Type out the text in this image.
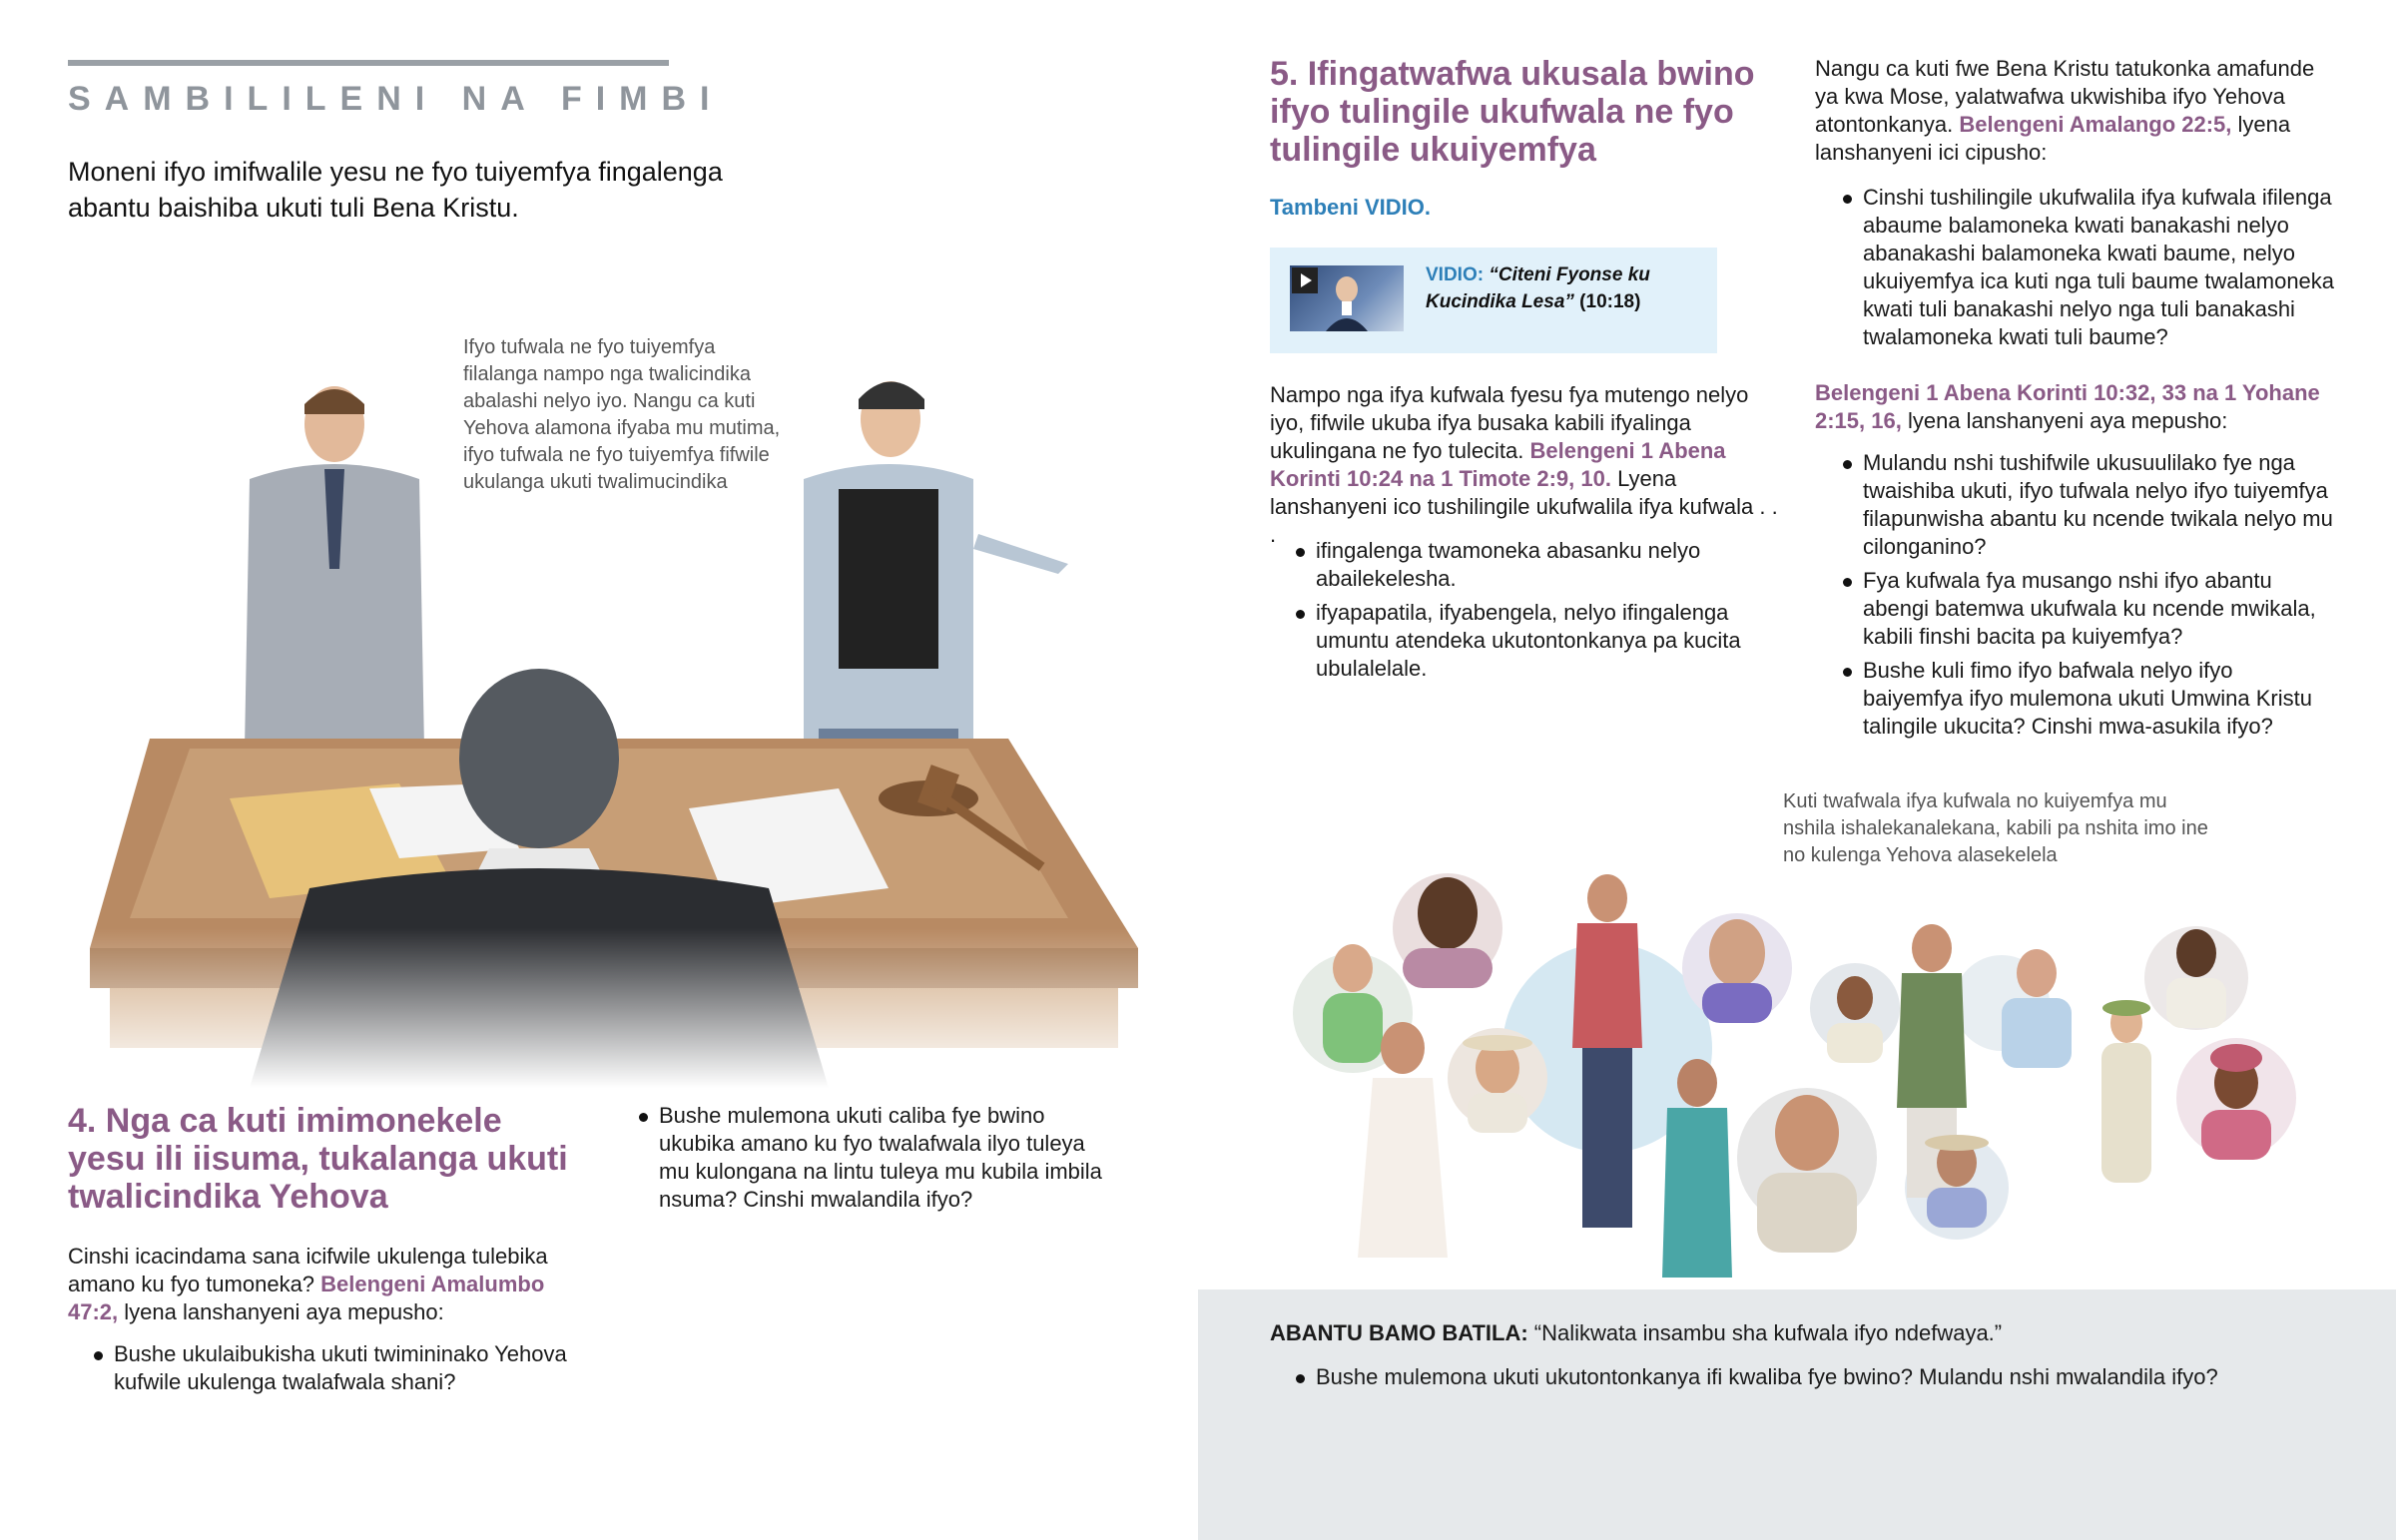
SAMBILILENI NA FIMBI
Moneni ifyo imifwalile yesu ne fyo tuiyemfya fingalenga abantu baishiba ukuti tuli Bena Kristu.
Ifyo tufwala ne fyo tuiyemfya filalanga nampo nga twalicindika abalashi nelyo iyo. Nangu ca kuti Yehova alamona ifyaba mu mutima, ifyo tufwala ne fyo tuiyemfya fifwile ukulanga ukuti twalimucindika
4. Nga ca kuti imimonekele yesu ili iisuma, tukalanga ukuti twalicindika Yehova
Cinshi icacindama sana icifwile ukulenga tulebika amano ku fyo tumoneka? Belengeni Amalumbo 47:2, lyena lanshanyeni aya mepusho:
Bushe ukulaibukisha ukuti twimininako Yehova kufwile ukulenga twalafwala shani?
Bushe mulemona ukuti caliba fye bwino ukubika amano ku fyo twalafwala ilyo tuleya mu kulongana na lintu tuleya mu kubila imbila nsuma? Cinshi mwalandila ifyo?
5. Ifingatwafwa ukusala bwino ifyo tulingile ukufwala ne fyo tulingile ukuiyemfya
Tambeni VIDIO.
VIDIO: “Citeni Fyonse ku Kucindika Lesa” (10:18)
Nampo nga ifya kufwala fyesu fya mutengo nelyo iyo, fifwile ukuba ifya busaka kabili ifyalinga ukulingana ne fyo tulecita. Belengeni 1 Abena Korinti 10:24 na 1 Timote 2:9, 10. Lyena lanshanyeni ico tushilingile ukufwalila ifya kufwala . . .
ifingalenga twamoneka abasanku nelyo abailekelesha.
ifyapapatila, ifyabengela, nelyo ifingalenga umuntu atendeka ukutontonkanya pa kucita ubulalelale.
Nangu ca kuti fwe Bena Kristu tatukonka amafunde ya kwa Mose, yalatwafwa ukwishiba ifyo Yehova atontonkanya. Belengeni Amalango 22:5, lyena lanshanyeni ici cipusho:
Cinshi tushilingile ukufwalila ifya kufwala ifilenga abaume balamoneka kwati banakashi nelyo abanakashi balamoneka kwati baume, nelyo ukuiyemfya ica kuti nga tuli baume twalamoneka kwati tuli banakashi nelyo nga tuli banakashi twalamoneka kwati tuli baume?
Belengeni 1 Abena Korinti 10:32, 33 na 1 Yohane 2:15, 16, lyena lanshanyeni aya mepusho:
Mulandu nshi tushifwile ukusuulilako fye nga twaishiba ukuti, ifyo tufwala nelyo ifyo tuiyemfya filapunwisha abantu ku ncende twikala nelyo mu cilonganino?
Fya kufwala fya musango nshi ifyo abantu abengi batemwa ukufwala ku ncende mwikala, kabili finshi bacita pa kuiyemfya?
Bushe kuli fimo ifyo bafwala nelyo ifyo baiyemfya ifyo mulemona ukuti Umwina Kristu talingile ukucita? Cinshi mwa-asukila ifyo?
Kuti twafwala ifya kufwala no kuiyemfya mu nshila ishalekanalekana, kabili pa nshita imo ine no kulenga Yehova alasekelela
ABANTU BAMO BATILA: “Nalikwata insambu sha kufwala ifyo ndefwaya.”
Bushe mulemona ukuti ukutontonkanya ifi kwaliba fye bwino? Mulandu nshi mwalandila ifyo?
